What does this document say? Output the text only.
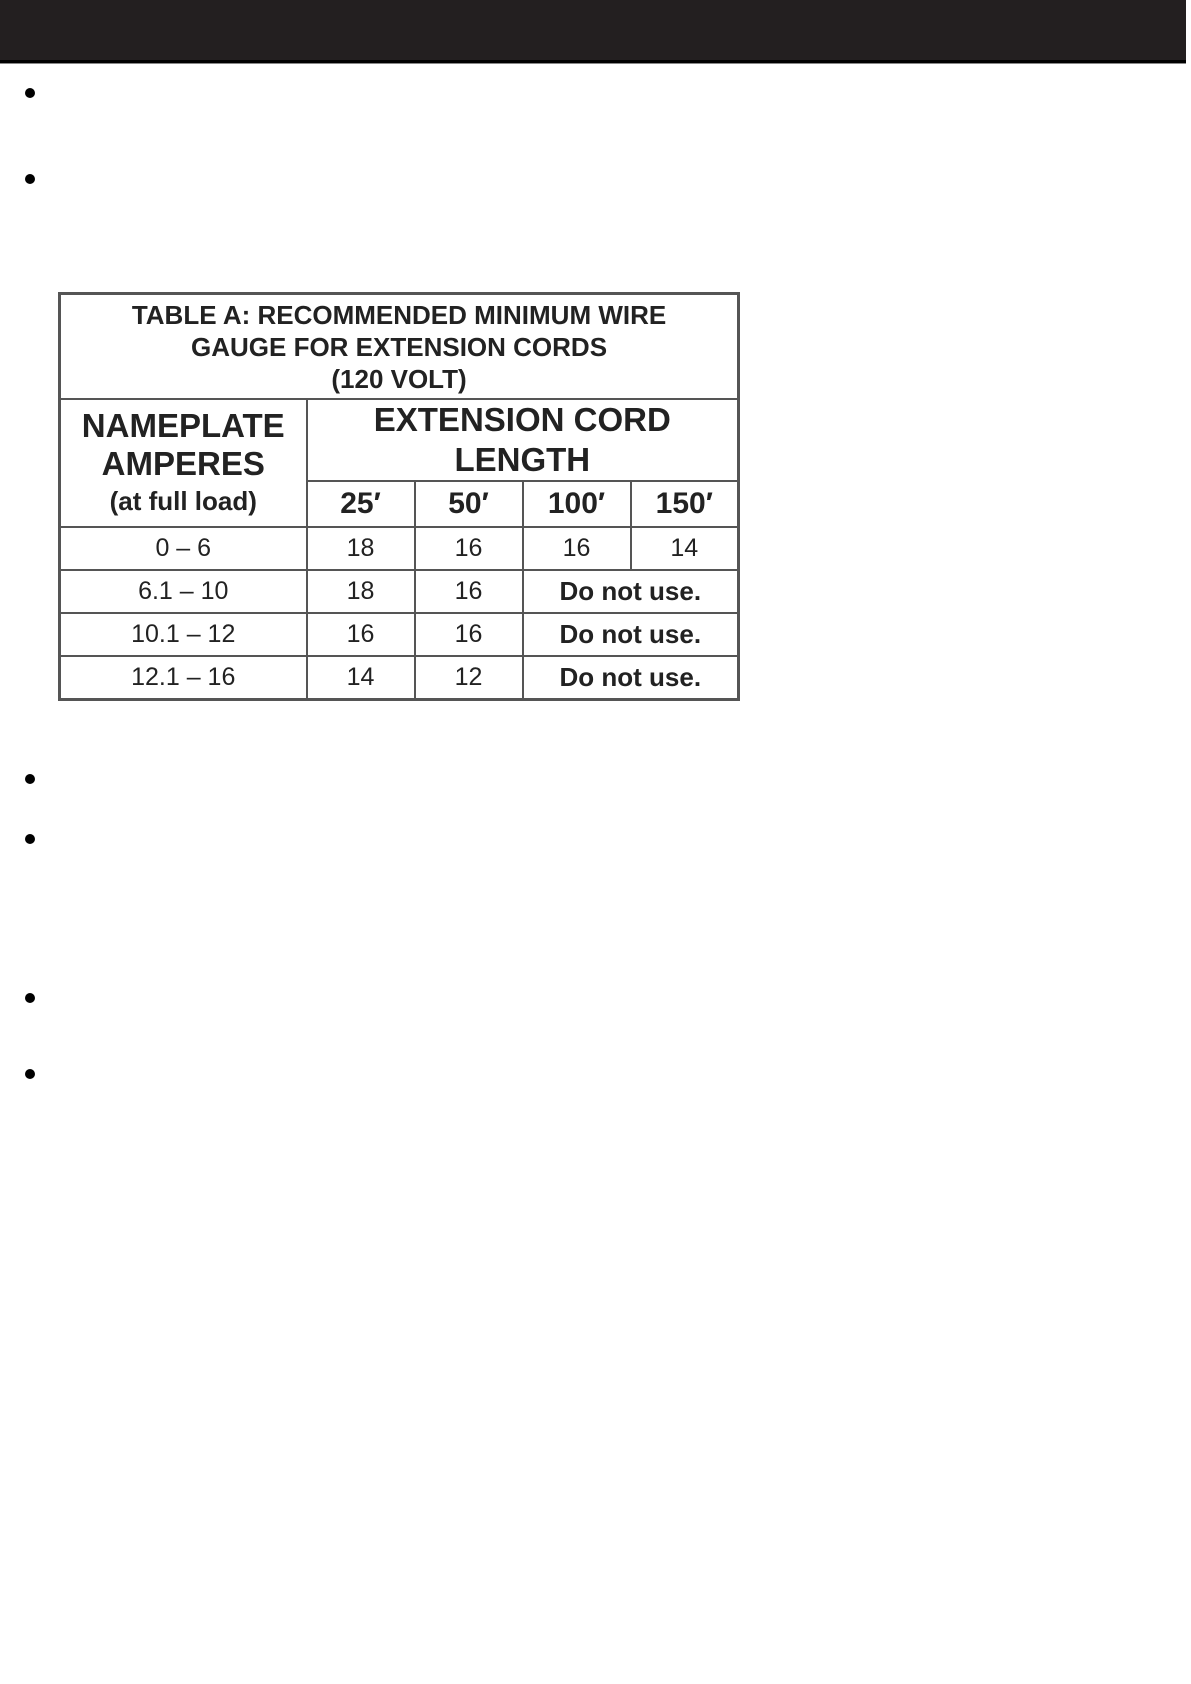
TABLE A: RECOMMENDED MINIMUM WIRE
GAUGE FOR EXTENSION CORDS
(120 VOLT)				

NAMEPLATE
AMPERES
(at full load)	EXTENSION CORD
LENGTH			

	25′	50′	100′	150′
0 – 6	18	16	16	14
6.1 – 10	18	16	Do not use.	
10.1 – 12	16	16	Do not use.	
12.1 – 16	14	12	Do not use.	
